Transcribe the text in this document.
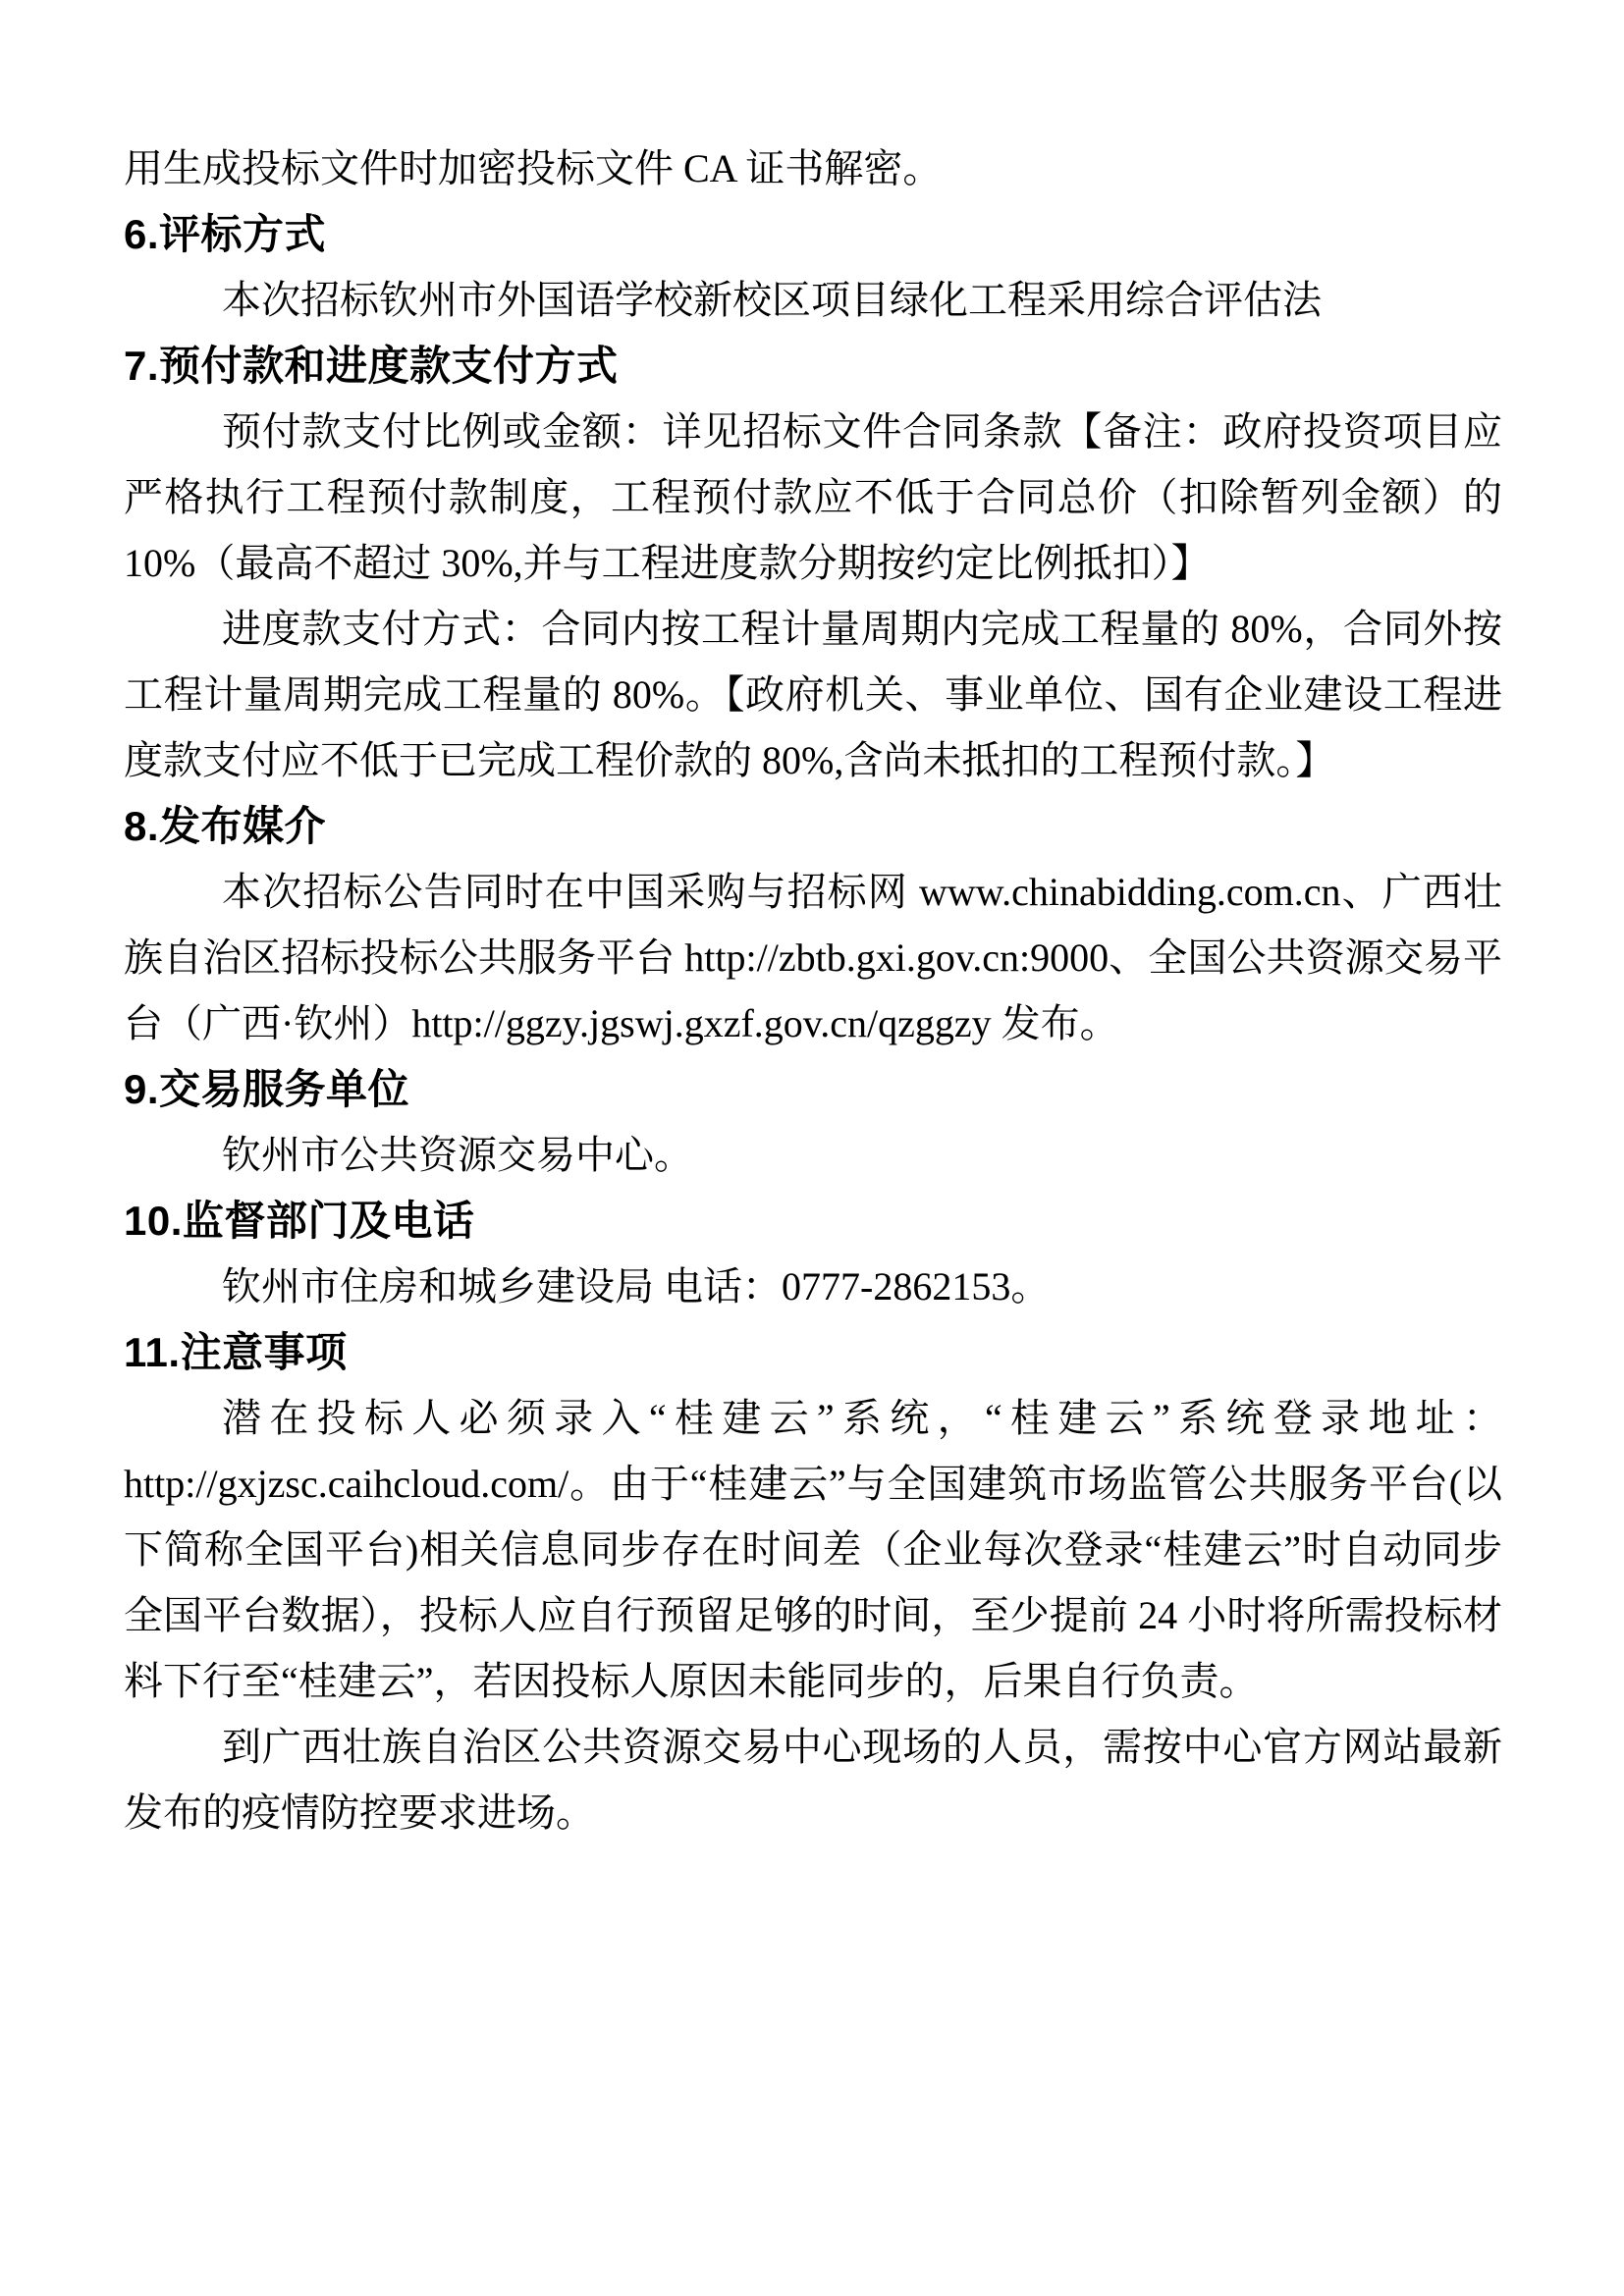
用生成投标文件时加密投标文件 CA 证书解密。

6.评标方式

本次招标钦州市外国语学校新校区项目绿化工程采用综合评估法

7.预付款和进度款支付方式

预付款支付比例或金额：详见招标文件合同条款【备注：政府投资项目应严格执行工程预付款制度，工程预付款应不低于合同总价（扣除暂列金额）的 10%（最高不超过 30%,并与工程进度款分期按约定比例抵扣）】

进度款支付方式：合同内按工程计量周期内完成工程量的 80%，合同外按工程计量周期完成工程量的 80%。【政府机关、事业单位、国有企业建设工程进度款支付应不低于已完成工程价款的 80%,含尚未抵扣的工程预付款。】

8.发布媒介

本次招标公告同时在中国采购与招标网 www.chinabidding.com.cn、广西壮族自治区招标投标公共服务平台 http://zbtb.gxi.gov.cn:9000、全国公共资源交易平台（广西·钦州）http://ggzy.jgswj.gxzf.gov.cn/qzggzy 发布。

9.交易服务单位

钦州市公共资源交易中心。

10.监督部门及电话

钦州市住房和城乡建设局 电话：0777-2862153。

11.注意事项

潜在投标人必须录入“桂建云”系统，“桂建云”系统登录地址：http://gxjzsc.caihcloud.com/。由于“桂建云”与全国建筑市场监管公共服务平台(以下简称全国平台)相关信息同步存在时间差（企业每次登录“桂建云”时自动同步全国平台数据），投标人应自行预留足够的时间，至少提前 24 小时将所需投标材料下行至“桂建云”，若因投标人原因未能同步的，后果自行负责。

到广西壮族自治区公共资源交易中心现场的人员，需按中心官方网站最新发布的疫情防控要求进场。
